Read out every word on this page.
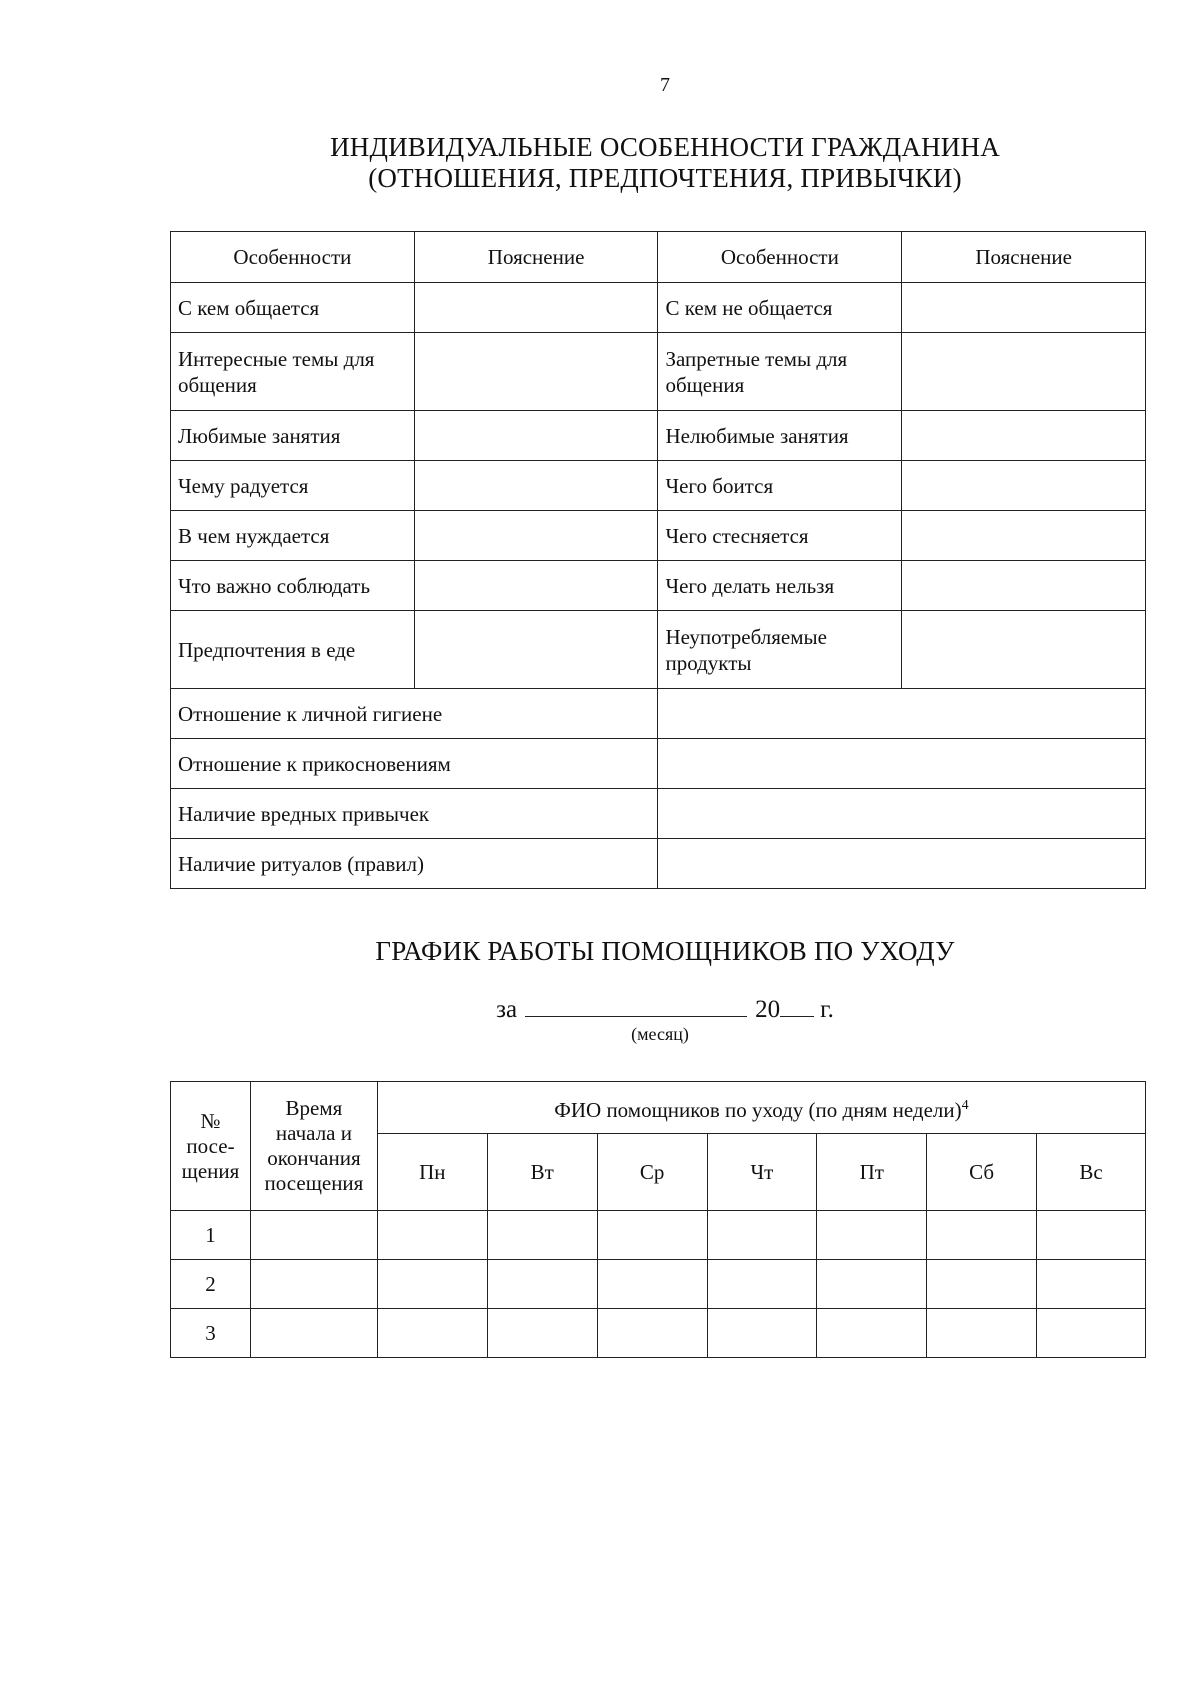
7
ИНДИВИДУАЛЬНЫЕ ОСОБЕННОСТИ ГРАЖДАНИНА
(ОТНОШЕНИЯ, ПРЕДПОЧТЕНИЯ, ПРИВЫЧКИ)
Особенности	Пояснение	Особенности	Пояснение
С кем общается		С кем не общается	
Интересные темы для общения		Запретные темы для общения	
Любимые занятия		Нелюбимые занятия	
Чему радуется		Чего боится	
В чем нуждается		Чего стесняется	
Что важно соблюдать		Чего делать нельзя	
Предпочтения в еде		Неупотребляемые продукты	
Отношение к личной гигиене			
Отношение к прикосновениям			
Наличие вредных привычек			
Наличие ритуалов (правил)			
ГРАФИК РАБОТЫ ПОМОЩНИКОВ ПО УХОДУ
за	20 г.
(месяц)
№ посе-щения	Время начала и окончания посещения	ФИО помощников по уходу (по дням недели)$^4$
		Пн	Вт	Ср	Чт	Пт	Сб	Вс
1								
2								
3								
